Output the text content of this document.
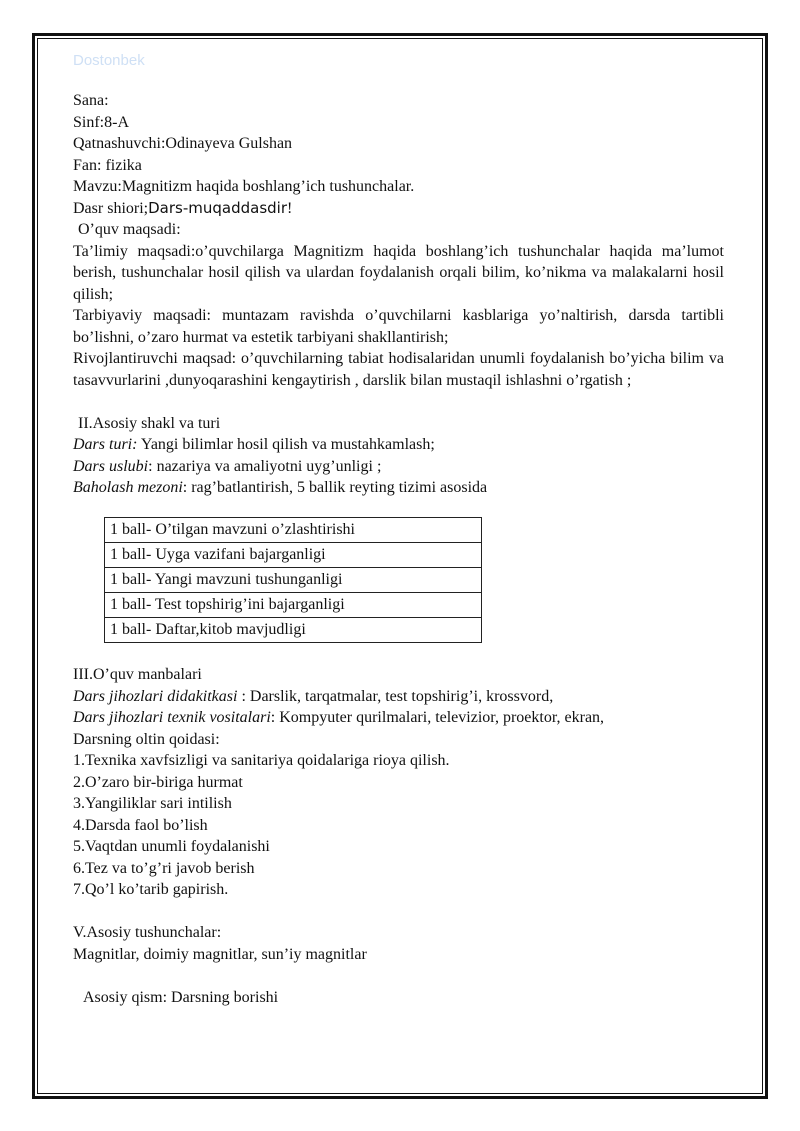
Dostonbek

Sana:

Sinf:8-A

Qatnashuvchi:Odinayeva Gulshan

Fan: fizika

Mavzu:Magnitizm haqida boshlang’ich tushunchalar.

Dasr shiori;Dars-muqaddasdir!

O’quv maqsadi:

Ta’limiy maqsadi:o’quvchilarga Magnitizm haqida boshlang’ich tushunchalar haqida ma’lumot berish, tushunchalar hosil qilish va ulardan foydalanish orqali bilim, ko’nikma va malakalarni hosil qilish;

Tarbiyaviy maqsadi: muntazam ravishda o’quvchilarni kasblariga yo’naltirish, darsda tartibli bo’lishni, o’zaro hurmat va estetik tarbiyani shakllantirish;

Rivojlantiruvchi maqsad: o’quvchilarning tabiat hodisalaridan unumli foydalanish bo’yicha bilim va tasavvurlarini ,dunyoqarashini kengaytirish , darslik bilan mustaqil ishlashni o’rgatish ;

II.Asosiy shakl va turi

Dars turi: Yangi bilimlar hosil qilish va mustahkamlash;

Dars uslubi: nazariya va amaliyotni uyg’unligi ;

Baholash mezoni: rag’batlantirish, 5 ballik reyting tizimi asosida

1 ball- O’tilgan mavzuni o’zlashtirishi
1 ball- Uyga vazifani bajarganligi
1 ball- Yangi mavzuni tushunganligi
1 ball- Test topshirig’ini bajarganligi
1 ball- Daftar,kitob mavjudligi

III.O’quv manbalari

Dars jihozlari didakitkasi : Darslik, tarqatmalar, test topshirig’i, krossvord,

Dars jihozlari texnik vositalari: Kompyuter qurilmalari, televizior, proektor, ekran,

Darsning oltin qoidasi:

1.Texnika xavfsizligi va sanitariya qoidalariga rioya qilish.

2.O’zaro bir-biriga hurmat

3.Yangiliklar sari intilish

4.Darsda faol bo’lish

5.Vaqtdan unumli foydalanishi

6.Tez va to’g’ri javob berish

7.Qo’l ko’tarib gapirish.

V.Asosiy tushunchalar:

Magnitlar, doimiy magnitlar, sun’iy magnitlar

Asosiy qism: Darsning borishi
